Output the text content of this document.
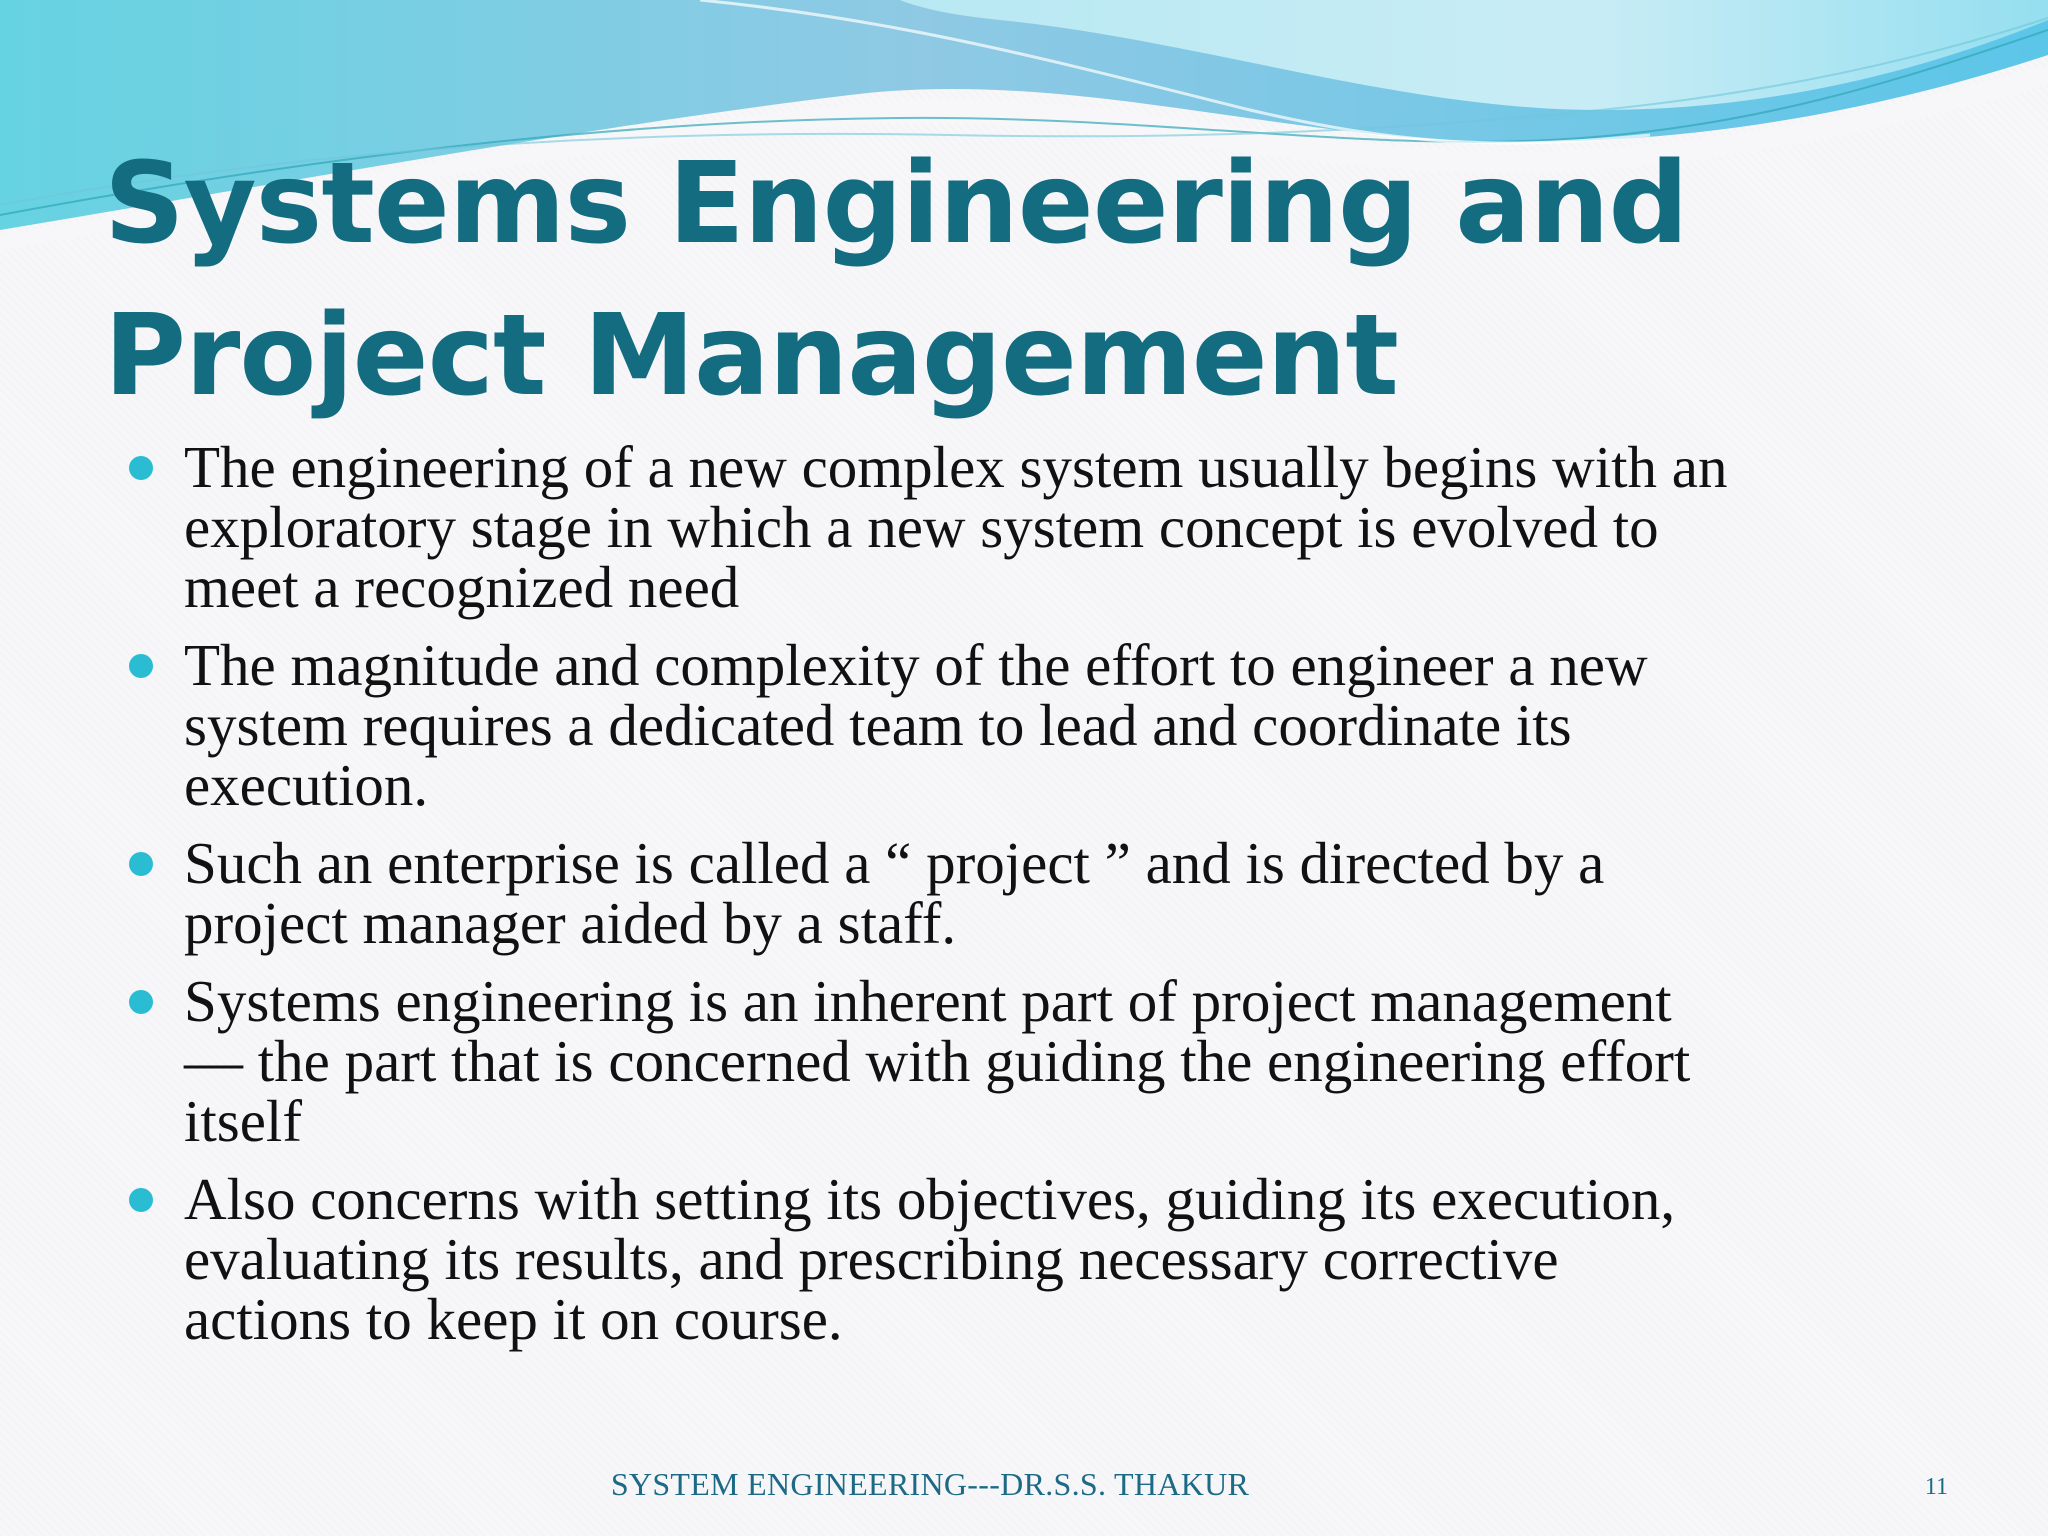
Systems Engineering and Project Management
The engineering of a new complex system usually begins with an
exploratory stage in which a new system concept is evolved to
meet a recognized need
The magnitude and complexity of the effort to engineer a new
system requires a dedicated team to lead and coordinate its
execution.
Such an enterprise is called a “ project ” and is directed by a
project manager aided by a staff.
Systems engineering is an inherent part of project management
— the part that is concerned with guiding the engineering effort
itself
Also concerns with setting its objectives, guiding its execution,
evaluating its results, and prescribing necessary corrective
actions to keep it on course.
SYSTEM ENGINEERING---DR.S.S. THAKUR	11
